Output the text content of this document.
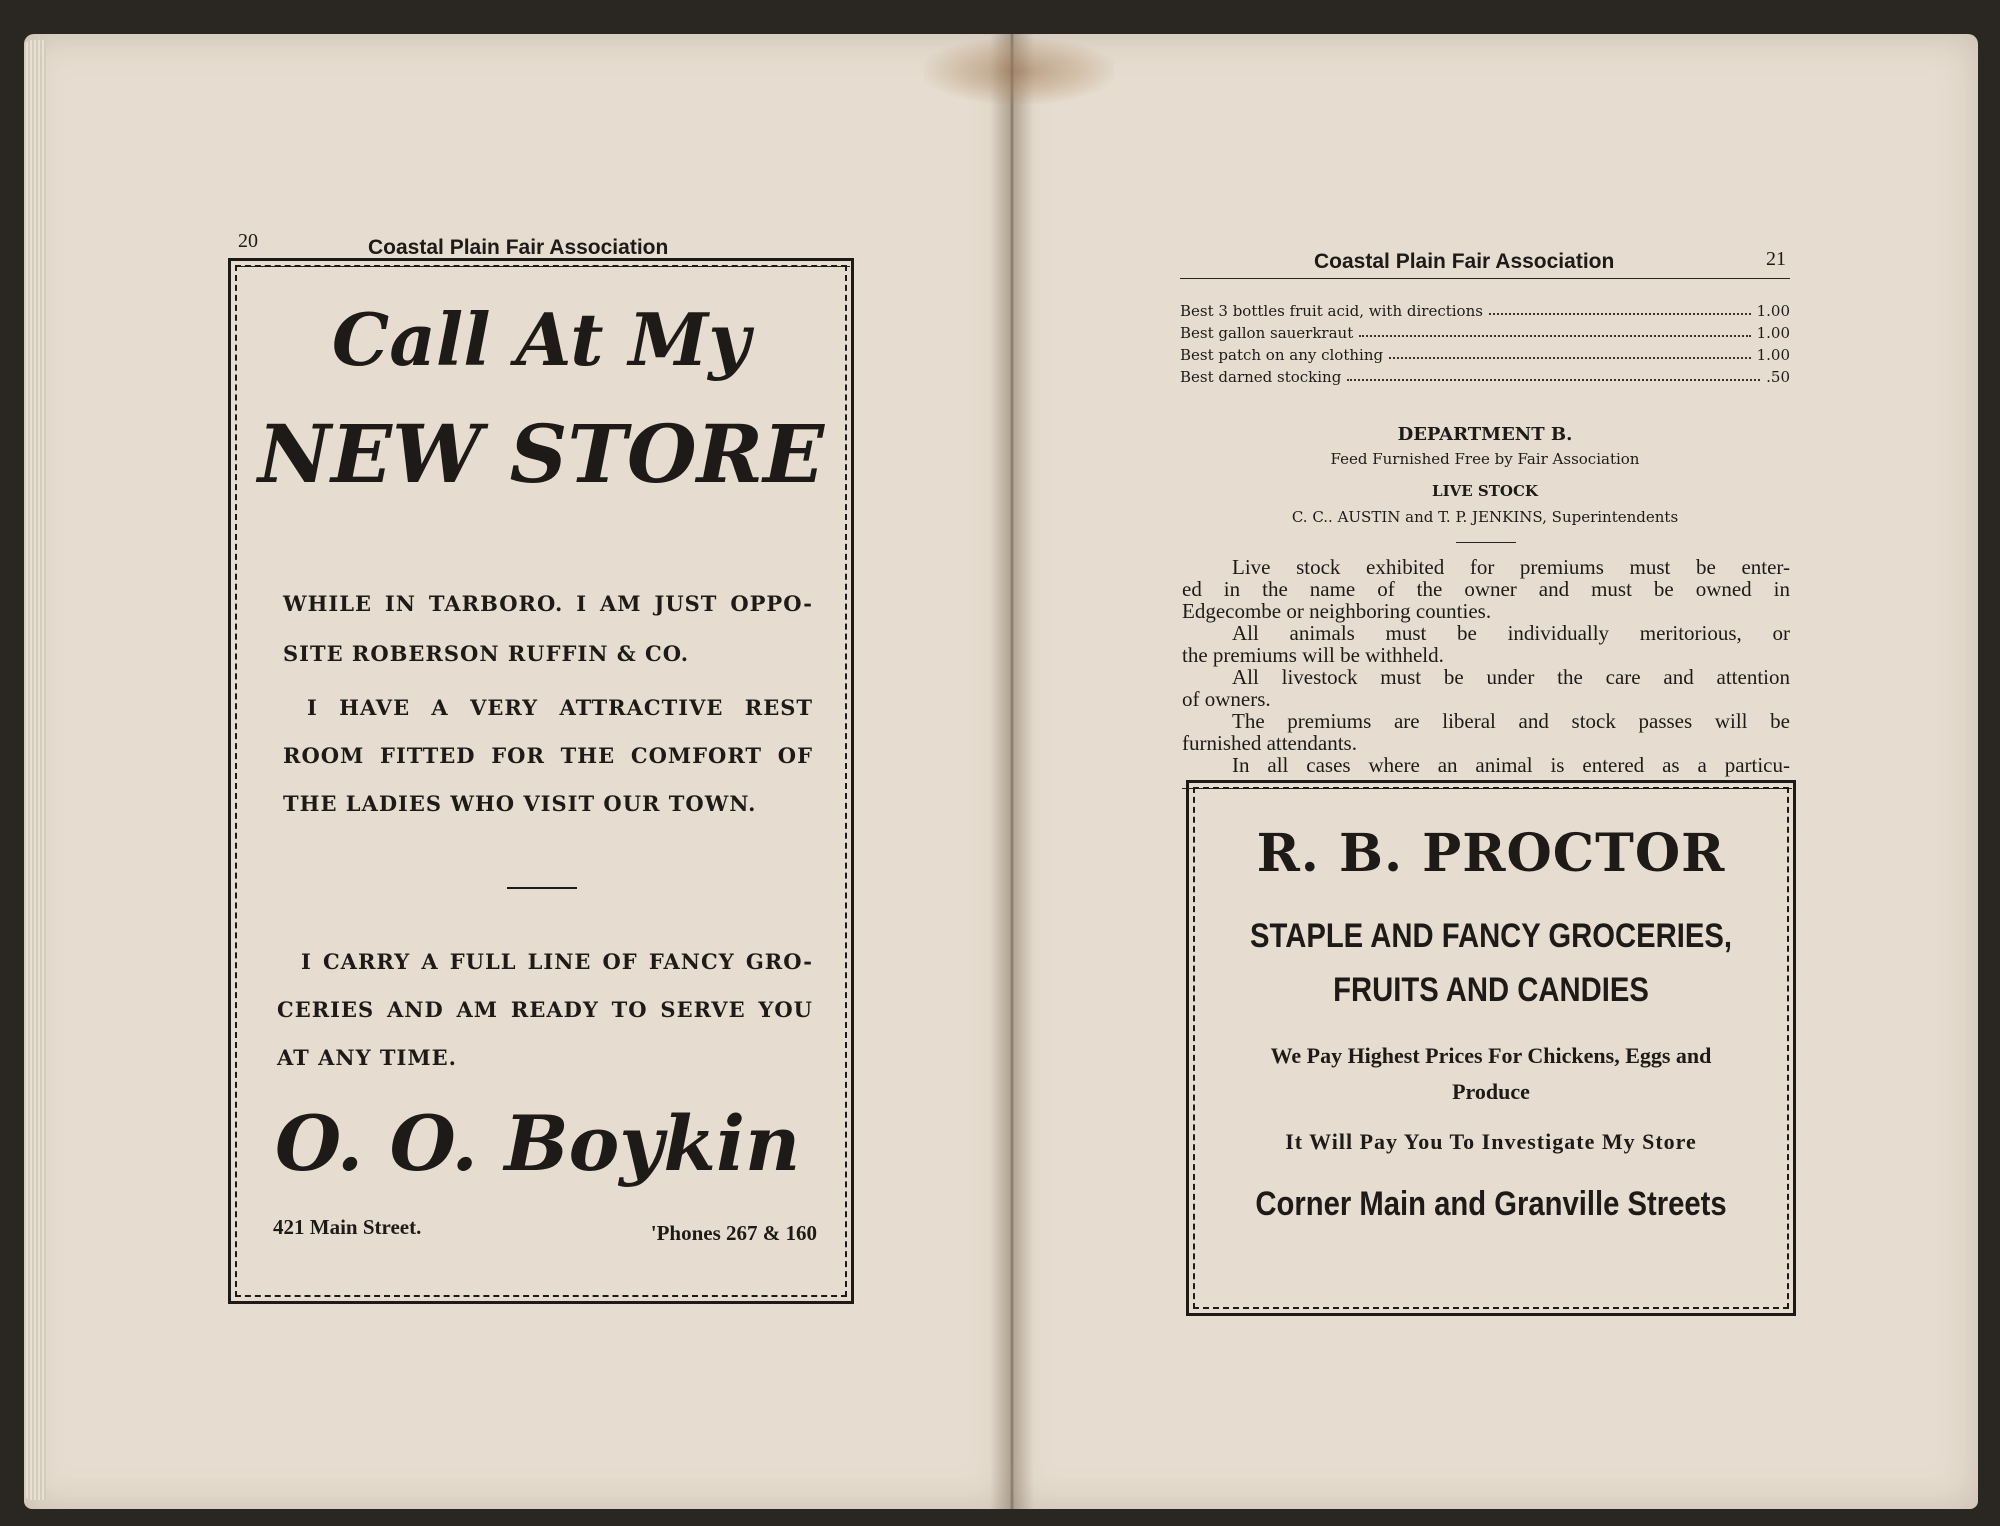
20	Coastal Plain Fair Association
Call At My
NEW STORE
WHILE IN TARBORO. I AM JUST OPPO-
SITE ROBERSON RUFFIN & CO.
I HAVE A VERY ATTRACTIVE REST
ROOM FITTED FOR THE COMFORT OF
THE LADIES WHO VISIT OUR TOWN.
I CARRY A FULL LINE OF FANCY GRO-
CERIES AND AM READY TO SERVE YOU
AT ANY TIME.
O. O. Boykin
421 Main Street.	'Phones 267 & 160
Coastal Plain Fair Association	21
Best 3 bottles fruit acid, with directions	1.00
Best gallon sauerkraut	1.00
Best patch on any clothing	1.00
Best darned stocking	.50
DEPARTMENT B.
Feed Furnished Free by Fair Association
LIVE STOCK
C. C.. AUSTIN and T. P. JENKINS, Superintendents
Live stock exhibited for premiums must be enter-
ed in the name of the owner and must be owned in
Edgecombe or neighboring counties.
All animals must be individually meritorious, or
the premiums will be withheld.
All livestock must be under the care and attention
of owners.
The premiums are liberal and stock passes will be
furnished attendants.
In all cases where an animal is entered as a particu-
R. B. PROCTOR
STAPLE AND FANCY GROCERIES,
FRUITS AND CANDIES
We Pay Highest Prices For Chickens, Eggs and
Produce
It Will Pay You To Investigate My Store
Corner Main and Granville Streets
